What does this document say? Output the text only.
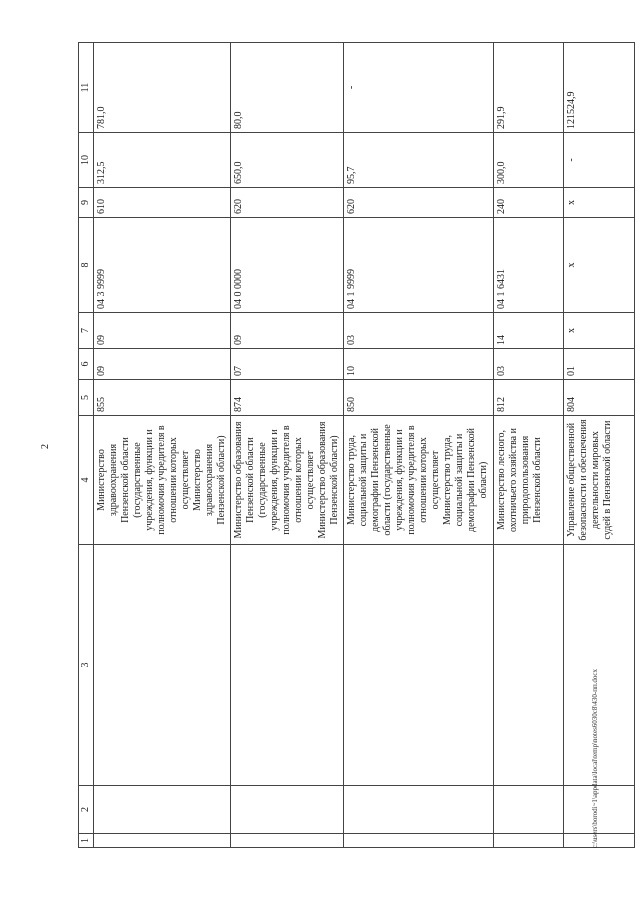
2
1	2	3	4	5	6	7	8	9	10	11
			Министерство здравоохранения Пензенской области (государственные учреждения, функции и полномочия учредителя в отношении которых осуществляет Министерство здравоохранения Пензенской области)	855	09	09	04 3 9999	610	312,5	781,0
			Министерство образования Пензенской области (государственные учреждения, функции и полномочия учредителя в отношении которых осуществляет Министерство образования Пензенской области)	874	07	09	04 0 0000	620	650,0	80,0
			Министерство труда, социальной защиты и демографии Пензенской области (государственные учреждения, функции и полномочия учредителя в отношении которых осуществляет Министерство труда, социальной защиты и демографии Пензенской области)	850	10	03	04 1 9999	620	95,7	-
			Министерство лесного, охотничьего хозяйства и природопользования Пензенской области	812	03	14	04 1 6431	240	300,0	291,9
			Управление общественной безопасности и обеспечения деятельности мировых судей в Пензенской области	804	01	x	x	x	-	121524,9
c:\users\borodi~1\appdata\local\temp\notes6030c8\430-пп.docx
